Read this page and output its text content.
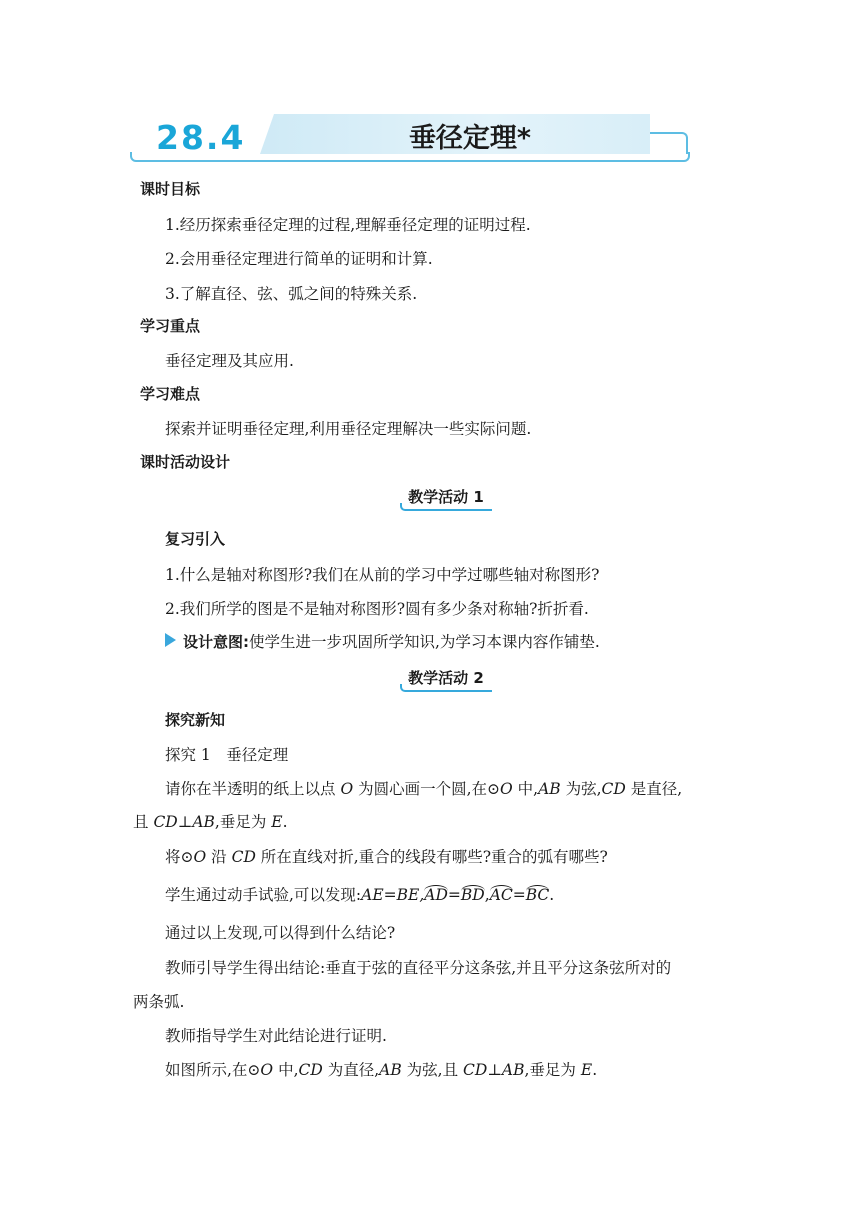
28.4	垂径定理*
课时目标
1.经历探索垂径定理的过程,理解垂径定理的证明过程.
2.会用垂径定理进行简单的证明和计算.
3.了解直径、弦、弧之间的特殊关系.
学习重点
垂径定理及其应用.
学习难点
探索并证明垂径定理,利用垂径定理解决一些实际问题.
课时活动设计
教学活动 1
复习引入
1.什么是轴对称图形?我们在从前的学习中学过哪些轴对称图形?
2.我们所学的图是不是轴对称图形?圆有多少条对称轴?折折看.
设计意图:使学生进一步巩固所学知识,为学习本课内容作铺垫.
教学活动 2
探究新知
探究 1　垂径定理
请你在半透明的纸上以点 O 为圆心画一个圆,在⊙O 中,AB 为弦,CD 是直径,
且 CD⊥AB,垂足为 E.
将⊙O 沿 CD 所在直线对折,重合的线段有哪些?重合的弧有哪些?
学生通过动手试验,可以发现:AE=BE,AD=BD,AC=BC.
通过以上发现,可以得到什么结论?
教师引导学生得出结论:垂直于弦的直径平分这条弦,并且平分这条弦所对的
两条弧.
教师指导学生对此结论进行证明.
如图所示,在⊙O 中,CD 为直径,AB 为弦,且 CD⊥AB,垂足为 E.
